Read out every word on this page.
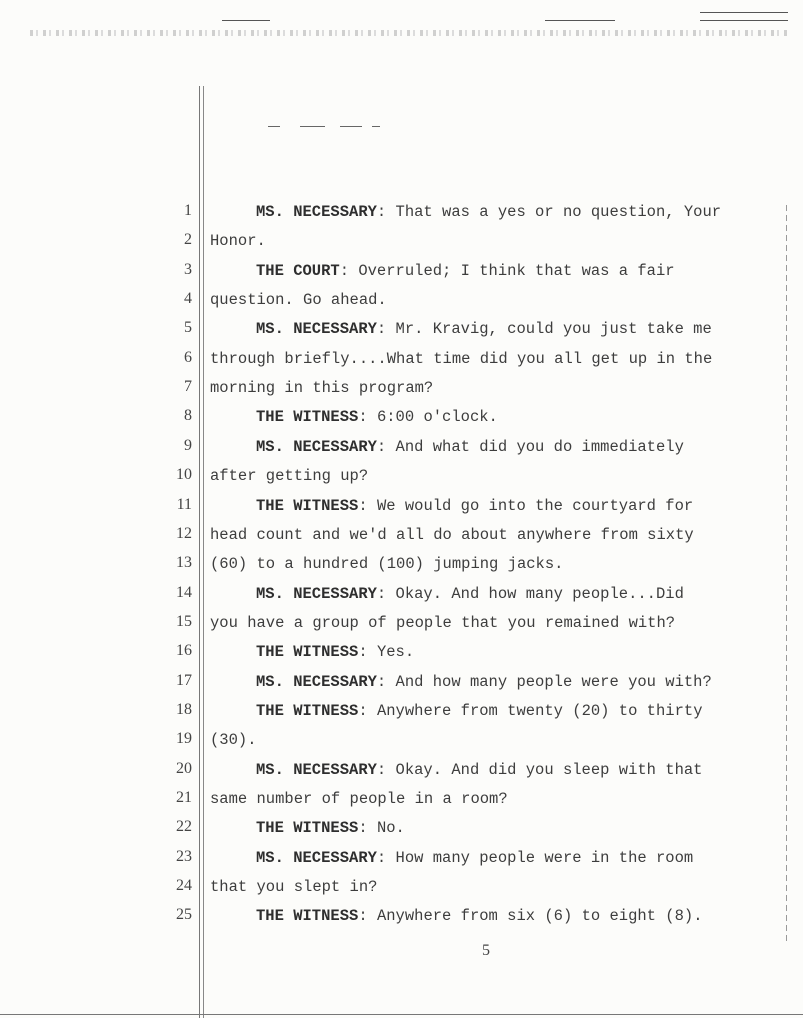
1
2
3
4
5
6
7
8
9
10
11
12
13
14
15
16
17
18
19
20
21
22
23
24
25
MS. NECESSARY : That was a yes or no question, Your
Honor.
THE COURT : Overruled; I think that was a fair
question. Go ahead.
MS. NECESSARY : Mr. Kravig, could you just take me
through briefly....What time did you all get up in the
morning in this program?
THE WITNESS : 6:00 o'clock.
MS. NECESSARY : And what did you do immediately
after getting up?
THE WITNESS : We would go into the courtyard for
head count and we'd all do about anywhere from sixty
(60) to a hundred (100) jumping jacks.
MS. NECESSARY : Okay. And how many people...Did
you have a group of people that you remained with?
THE WITNESS : Yes.
MS. NECESSARY : And how many people were you with?
THE WITNESS : Anywhere from twenty (20) to thirty
(30).
MS. NECESSARY : Okay. And did you sleep with that
same number of people in a room?
THE WITNESS : No.
MS. NECESSARY : How many people were in the room
that you slept in?
THE WITNESS : Anywhere from six (6) to eight (8).
5
